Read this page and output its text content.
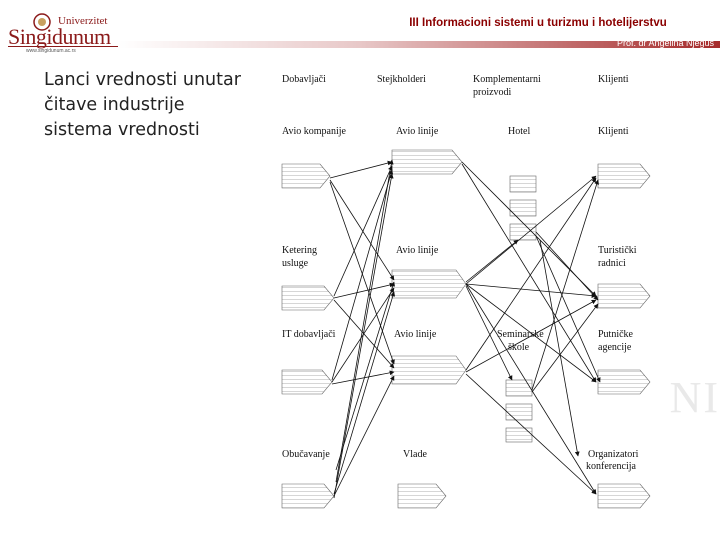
Univerzitet
Singidunum
www.singidunum.ac.rs
III Informacioni sistemi u turizmu i hotelijerstvu
Prof. dr Angelina Njeguš
Lanci vrednosti unutar čitave industrije sistema vrednosti
NI
Dobavljači	Stejkholderi	Komplementarni
proizvodi
Klijenti
Avio kompanije	Avio linije	Hotel	Klijenti
Ketering
usluge
Avio linije	Turistički
radnici
IT dobavljači	Avio linije	Seminarske
škole
Putničke
agencije
Obučavanje	Vlade	Organizatori
konferencija
